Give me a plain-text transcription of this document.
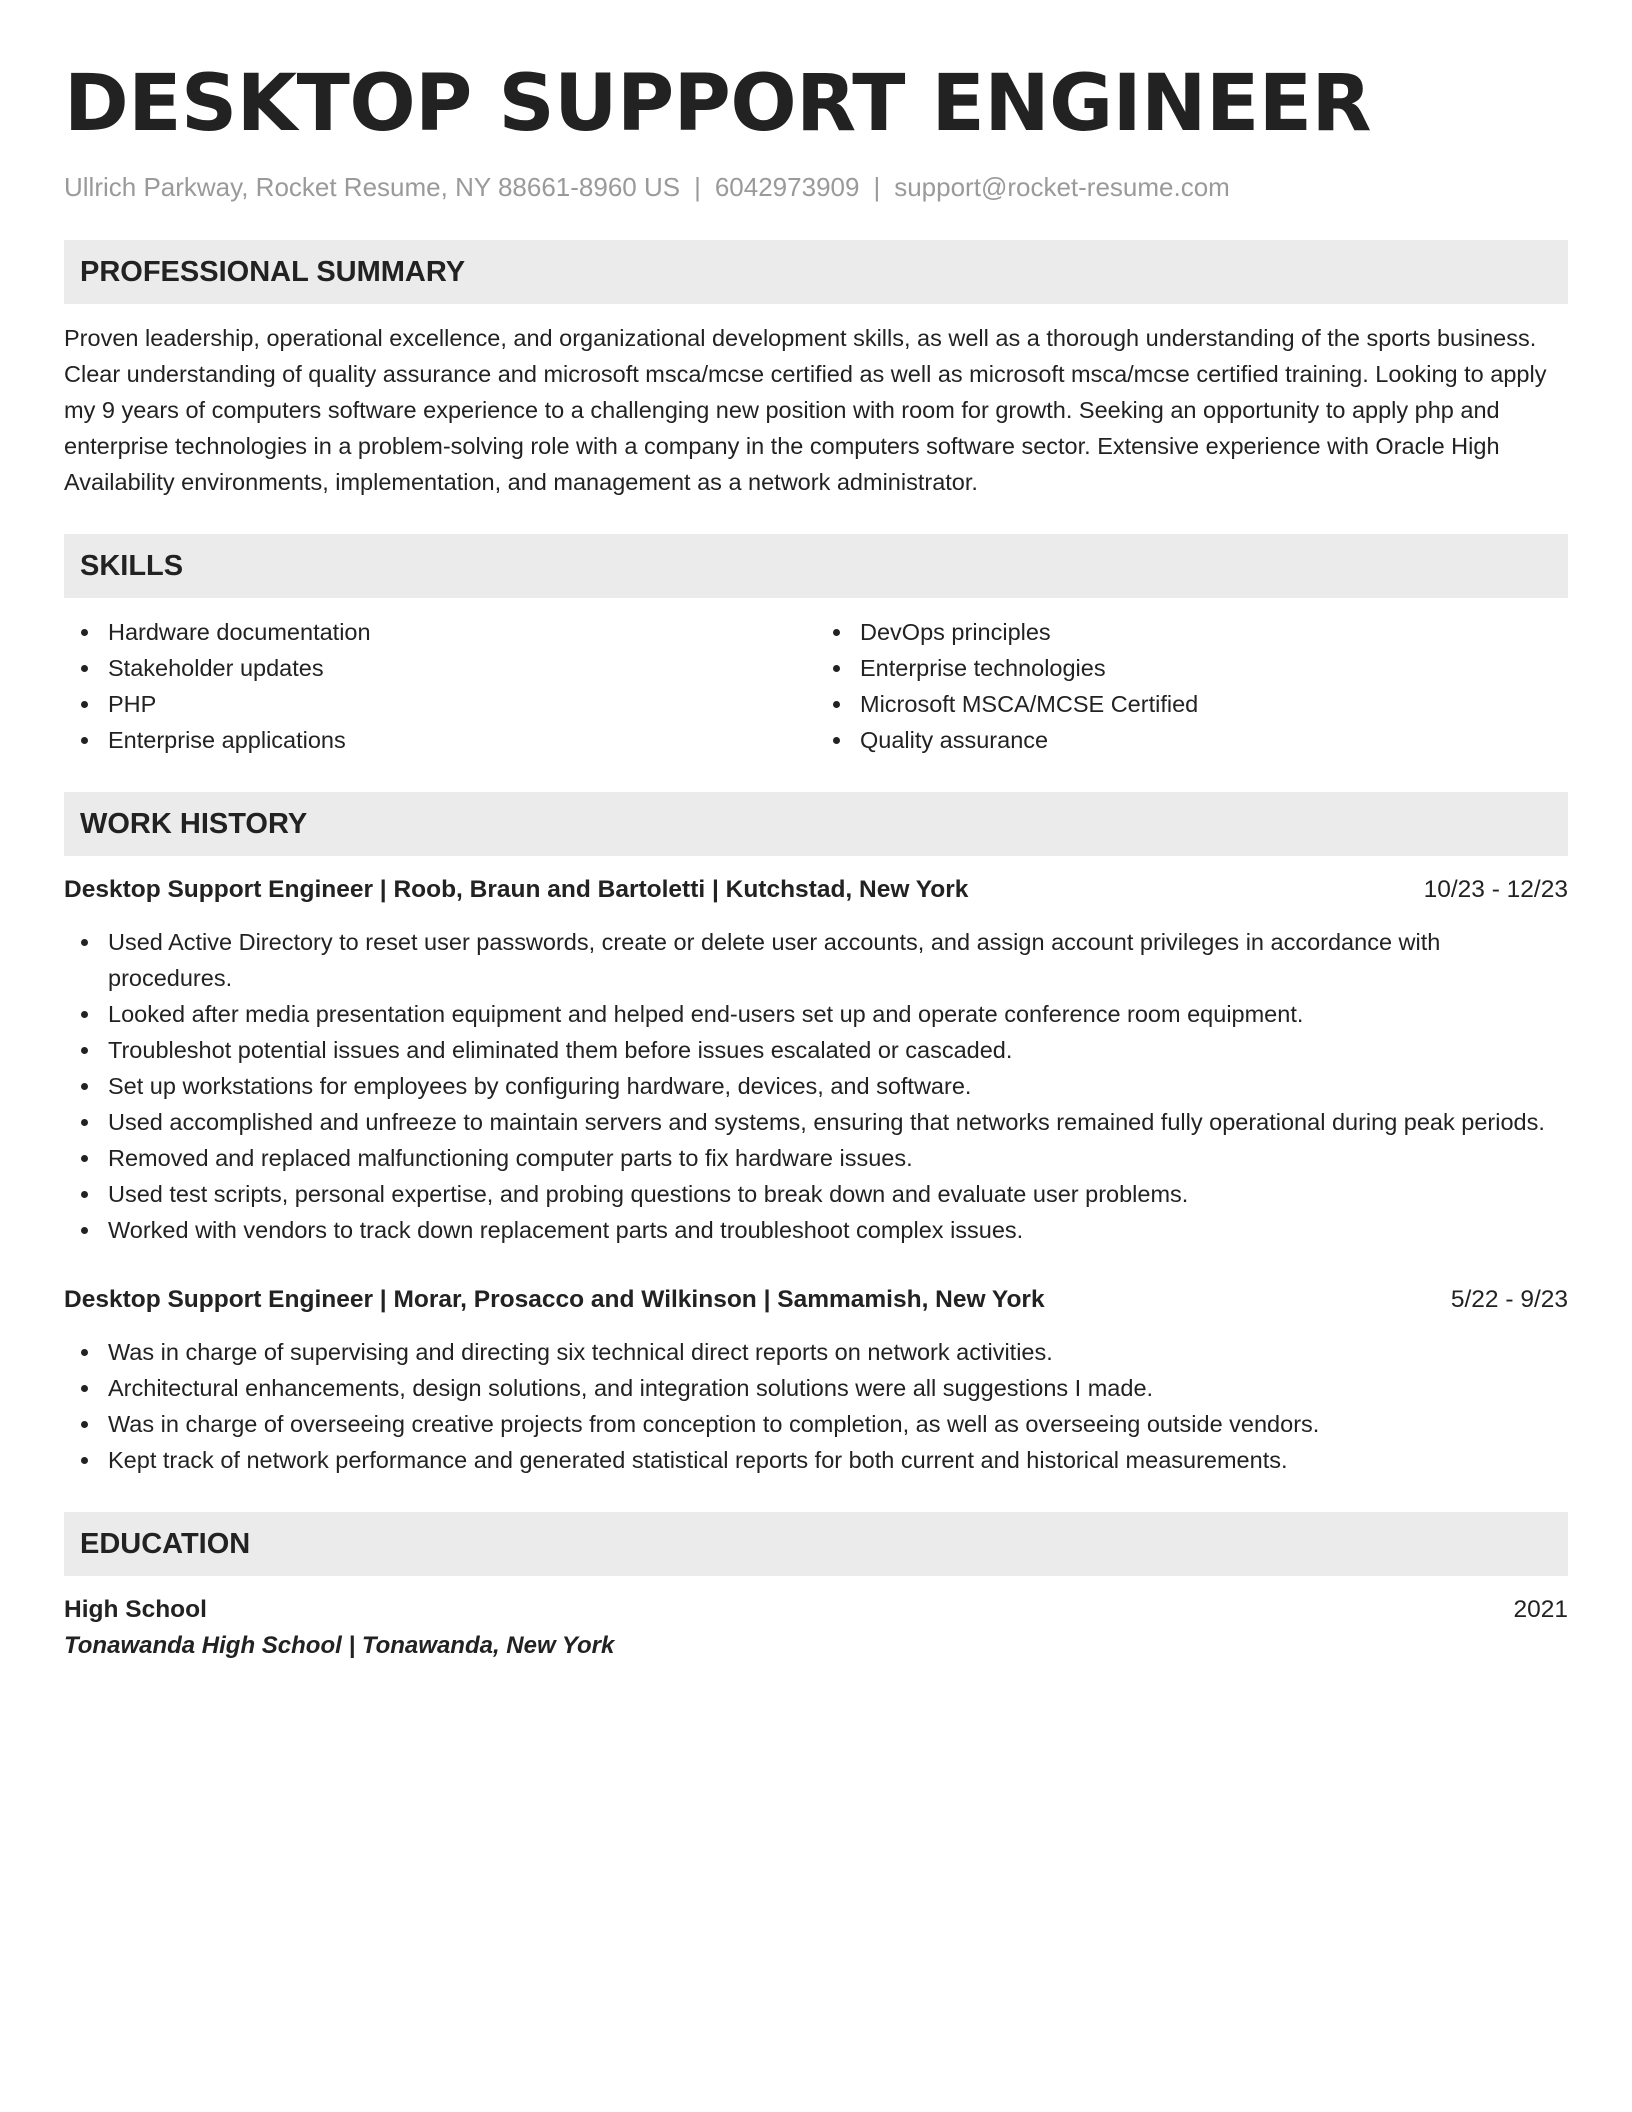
DESKTOP SUPPORT ENGINEER
Ullrich Parkway, Rocket Resume, NY 88661-8960 US | 6042973909 | support@rocket-resume.com
PROFESSIONAL SUMMARY
Proven leadership, operational excellence, and organizational development skills, as well as a thorough understanding of the sports business. Clear understanding of quality assurance and microsoft msca/mcse certified as well as microsoft msca/mcse certified training. Looking to apply my 9 years of computers software experience to a challenging new position with room for growth. Seeking an opportunity to apply php and enterprise technologies in a problem-solving role with a company in the computers software sector. Extensive experience with Oracle High Availability environments, implementation, and management as a network administrator.
SKILLS
Hardware documentation
Stakeholder updates
PHP
Enterprise applications
DevOps principles
Enterprise technologies
Microsoft MSCA/MCSE Certified
Quality assurance
WORK HISTORY
Desktop Support Engineer | Roob, Braun and Bartoletti | Kutchstad, New York	10/23 - 12/23
Used Active Directory to reset user passwords, create or delete user accounts, and assign account privileges in accordance with procedures.
Looked after media presentation equipment and helped end-users set up and operate conference room equipment.
Troubleshot potential issues and eliminated them before issues escalated or cascaded.
Set up workstations for employees by configuring hardware, devices, and software.
Used accomplished and unfreeze to maintain servers and systems, ensuring that networks remained fully operational during peak periods.
Removed and replaced malfunctioning computer parts to fix hardware issues.
Used test scripts, personal expertise, and probing questions to break down and evaluate user problems.
Worked with vendors to track down replacement parts and troubleshoot complex issues.
Desktop Support Engineer | Morar, Prosacco and Wilkinson | Sammamish, New York	5/22 - 9/23
Was in charge of supervising and directing six technical direct reports on network activities.
Architectural enhancements, design solutions, and integration solutions were all suggestions I made.
Was in charge of overseeing creative projects from conception to completion, as well as overseeing outside vendors.
Kept track of network performance and generated statistical reports for both current and historical measurements.
EDUCATION
High School	2021
Tonawanda High School | Tonawanda, New York
